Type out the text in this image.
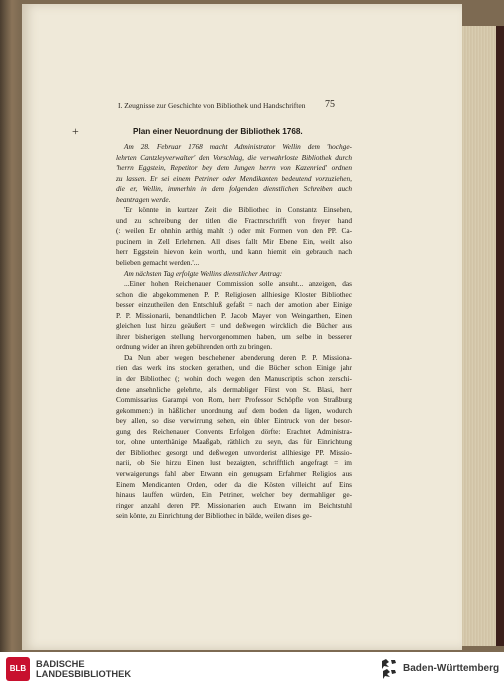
I. Zeugnisse zur Geschichte von Bibliothek und Handschriften	75
+	Plan einer Neuordnung der Bibliothek 1768.
Am 28. Februar 1768 macht Administrator Wellin dem 'hochge-
lehrten Cantzleyverwalter' den Vorschlag, die verwahrloste Bibliothek durch
'herrn Eggstein, Repetitor bey dem Jungen herrn von Kazenried' ordnen
zu lassen. Er sei einem Petriner oder Mendikanten bedeutend vorzuziehen,
die er, Wellin, immerhin in dem folgenden dienstlichen Schreiben auch
beantragen werde.
'Er könnte in kurtzer Zeit die Bibliothec in Constantz Einsehen,
und zu schreibung der titlen die Fractnrschrifft von freyer hand
(: weilen Er ohnhin arthig mahlt :) oder mit Formen von den PP. Ca-
pucinern in Zell Erlehrnen. All dises fallt Mir Ebene Ein, weilt also
herr Eggstein hievon kein worth, und kann hiemit ein gebrauch nach
belieben gemacht werden.'...
Am nächsten Tag erfolgte Wellins dienstlicher Antrag:
...Einer hohen Reichenauer Commission solle ansuht... anzeigen, das
schon die abgekommenen P. P. Religiosen allhiesige Kloster Bibliothec
besser einzutheilen den Entschluß gefaßt = nach der amotion aber Einige
P. P. Missionarii, benandtlichen P. Jacob Mayer von Weingarthen, Einen
gleichen lust hirzu geäußert = und deßwegen wircklich die Bücher aus
ihrer bisherigen stellung hervorgenommen haben, um selbe in besserer
ordnung wider an ihren gebührenden orth zu bringen.
Da Nun aber wegen beschehener abenderung deren P. P. Missiona-
rien das werk ins stocken gerathen, und die Bücher schon Einige jahr
in der Bibliothec (; wohin doch wegen den Manuscriptis schon zerschi-
dene ansehnliche gelehrte, als dermabliger Fürst von St. Blasi, herr
Commissarius Garampi von Rom, herr Professor Schöpfle von Straßburg
gekommen:) in häßlicher unordnung auf dem boden da ligen, wodurch
bey allen, so dise verwirrung sehen, ein übler Eintruck von der besor-
gung des Reichenauer Convents Erfolgen dörfte: Erachtet Administra-
tor, ohne unterthänige Maaßgab, räthlich zu seyn, das für Einrichtung
der Bibliothec gesorgt und deßwegen unvorderist allhiesige PP. Missio-
narii, ob Sie hirzu Einen lust bezaigten, schrifftlich angefragt = im
verwaigerungs fahl aber Etwann ein genugsam Erfahrner Religios aus
Einem Mendicanten Orden, oder da die Kösten villeicht auf Eins
hinaus lauffen würden, Ein Petriner, welcher bey dermahliger ge-
ringer anzahl deren PP. Missionarien auch Etwann im Beichtstuhl
sein könte, zu Einrichtung der Bibliothec in bälde, weilen dises ge-
BLB	BADISCHE
LANDESBIBLIOTHEK	Baden-Württemberg
